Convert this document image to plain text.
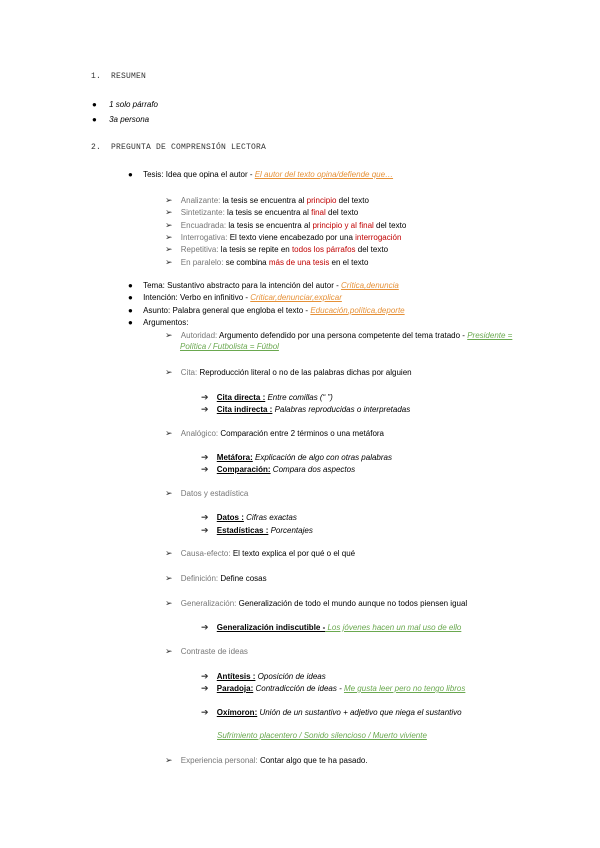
1. RESUMEN
● 1 solo párrafo
● 3a persona
2. PREGUNTA DE COMPRENSIÓN LECTORA
● Tesis: Idea que opina el autor - El autor del texto opina/defiende que…
➢ Analizante: la tesis se encuentra al principio del texto
➢ Sintetizante: la tesis se encuentra al final del texto
➢ Encuadrada: la tesis se encuentra al principio y al final del texto
➢ Interrogativa: El texto viene encabezado por una interrogación
➢ Repetitiva: la tesis se repite en todos los párrafos del texto
➢ En paralelo: se combina más de una tesis en el texto
● Tema: Sustantivo abstracto para la intención del autor - Crítica,denuncia
● Intención: Verbo en infinitivo - Criticar,denunciar,explicar
● Asunto: Palabra general que engloba el texto - Educación,política,deporte
● Argumentos:
➢ Autoridad: Argumento defendido por una persona competente del tema tratado - Presidente =
Política / Futbolista = Fútbol
➢ Cita: Reproducción literal o no de las palabras dichas por alguien
➔ Cita directa : Entre comillas (“ ”)
➔ Cita indirecta : Palabras reproducidas o interpretadas
➢ Analógico: Comparación entre 2 términos o una metáfora
➔ Metáfora: Explicación de algo con otras palabras
➔ Comparación: Compara dos aspectos
➢ Datos y estadística
➔ Datos : Cifras exactas
➔ Estadísticas : Porcentajes
➢ Causa-efecto: El texto explica el por qué o el qué
➢ Definición: Define cosas
➢ Generalización: Generalización de todo el mundo aunque no todos piensen igual
➔ Generalización indiscutible - Los jóvenes hacen un mal uso de ello
➢ Contraste de ideas
➔ Antítesis : Oposición de ideas
➔ Paradoja: Contradicción de ideas - Me gusta leer pero no tengo libros
➔ Oxímoron: Unión de un sustantivo + adjetivo que niega el sustantivo
Sufrimiento placentero / Sonido silencioso / Muerto viviente
➢ Experiencia personal: Contar algo que te ha pasado.
